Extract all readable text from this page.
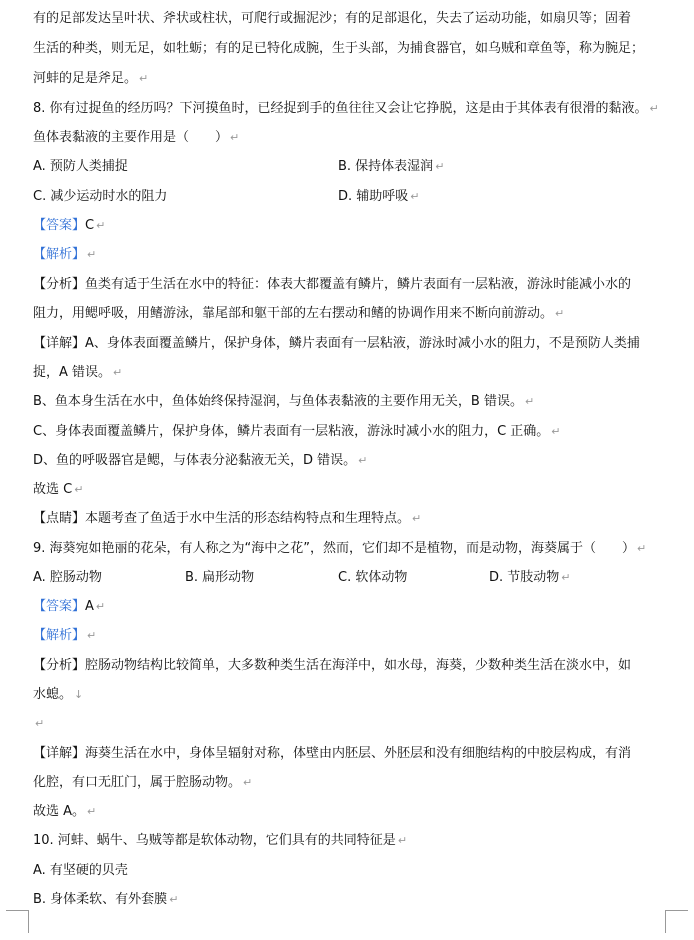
有的足部发达呈叶状、斧状或柱状，可爬行或掘泥沙；有的足部退化，失去了运动功能，如扇贝等；固着
生活的种类，则无足，如牡蛎；有的足已特化成腕，生于头部，为捕食器官，如乌贼和章鱼等，称为腕足；
河蚌的足是斧足。 ↵
8. 你有过捉鱼的经历吗？下河摸鱼时，已经捉到手的鱼往往又会让它挣脱，这是由于其体表有很滑的黏液。 ↵
鱼体表黏液的主要作用是（　　） ↵
A. 预防人类捕捉	B. 保持体表湿润 ↵
C. 减少运动时水的阻力	D. 辅助呼吸 ↵
【答案】C ↵
【解析】 ↵
【分析】鱼类有适于生活在水中的特征：体表大都覆盖有鳞片，鳞片表面有一层粘液，游泳时能减小水的
阻力，用鳃呼吸，用鳍游泳，靠尾部和躯干部的左右摆动和鳍的协调作用来不断向前游动。 ↵
【详解】A、身体表面覆盖鳞片，保护身体，鳞片表面有一层粘液，游泳时减小水的阻力，不是预防人类捕
捉，A 错误。 ↵
B、鱼本身生活在水中，鱼体始终保持湿润，与鱼体表黏液的主要作用无关，B 错误。 ↵
C、身体表面覆盖鳞片，保护身体，鳞片表面有一层粘液，游泳时减小水的阻力，C 正确。 ↵
D、鱼的呼吸器官是鳃，与体表分泌黏液无关，D 错误。 ↵
故选 C ↵
【点睛】本题考查了鱼适于水中生活的形态结构特点和生理特点。 ↵
9. 海葵宛如艳丽的花朵，有人称之为“海中之花”，然而，它们却不是植物，而是动物，海葵属于（　　） ↵
A. 腔肠动物	B. 扁形动物	C. 软体动物	D. 节肢动物 ↵
【答案】A ↵
【解析】 ↵
【分析】腔肠动物结构比较简单，大多数种类生活在海洋中，如水母，海葵，少数种类生活在淡水中，如
水螅。 ↓
↵
【详解】海葵生活在水中，身体呈辐射对称，体壁由内胚层、外胚层和没有细胞结构的中胶层构成，有消
化腔，有口无肛门，属于腔肠动物。 ↵
故选 A。 ↵
10. 河蚌、蜗牛、乌贼等都是软体动物，它们具有的共同特征是 ↵
A. 有坚硬的贝壳
B. 身体柔软、有外套膜 ↵
